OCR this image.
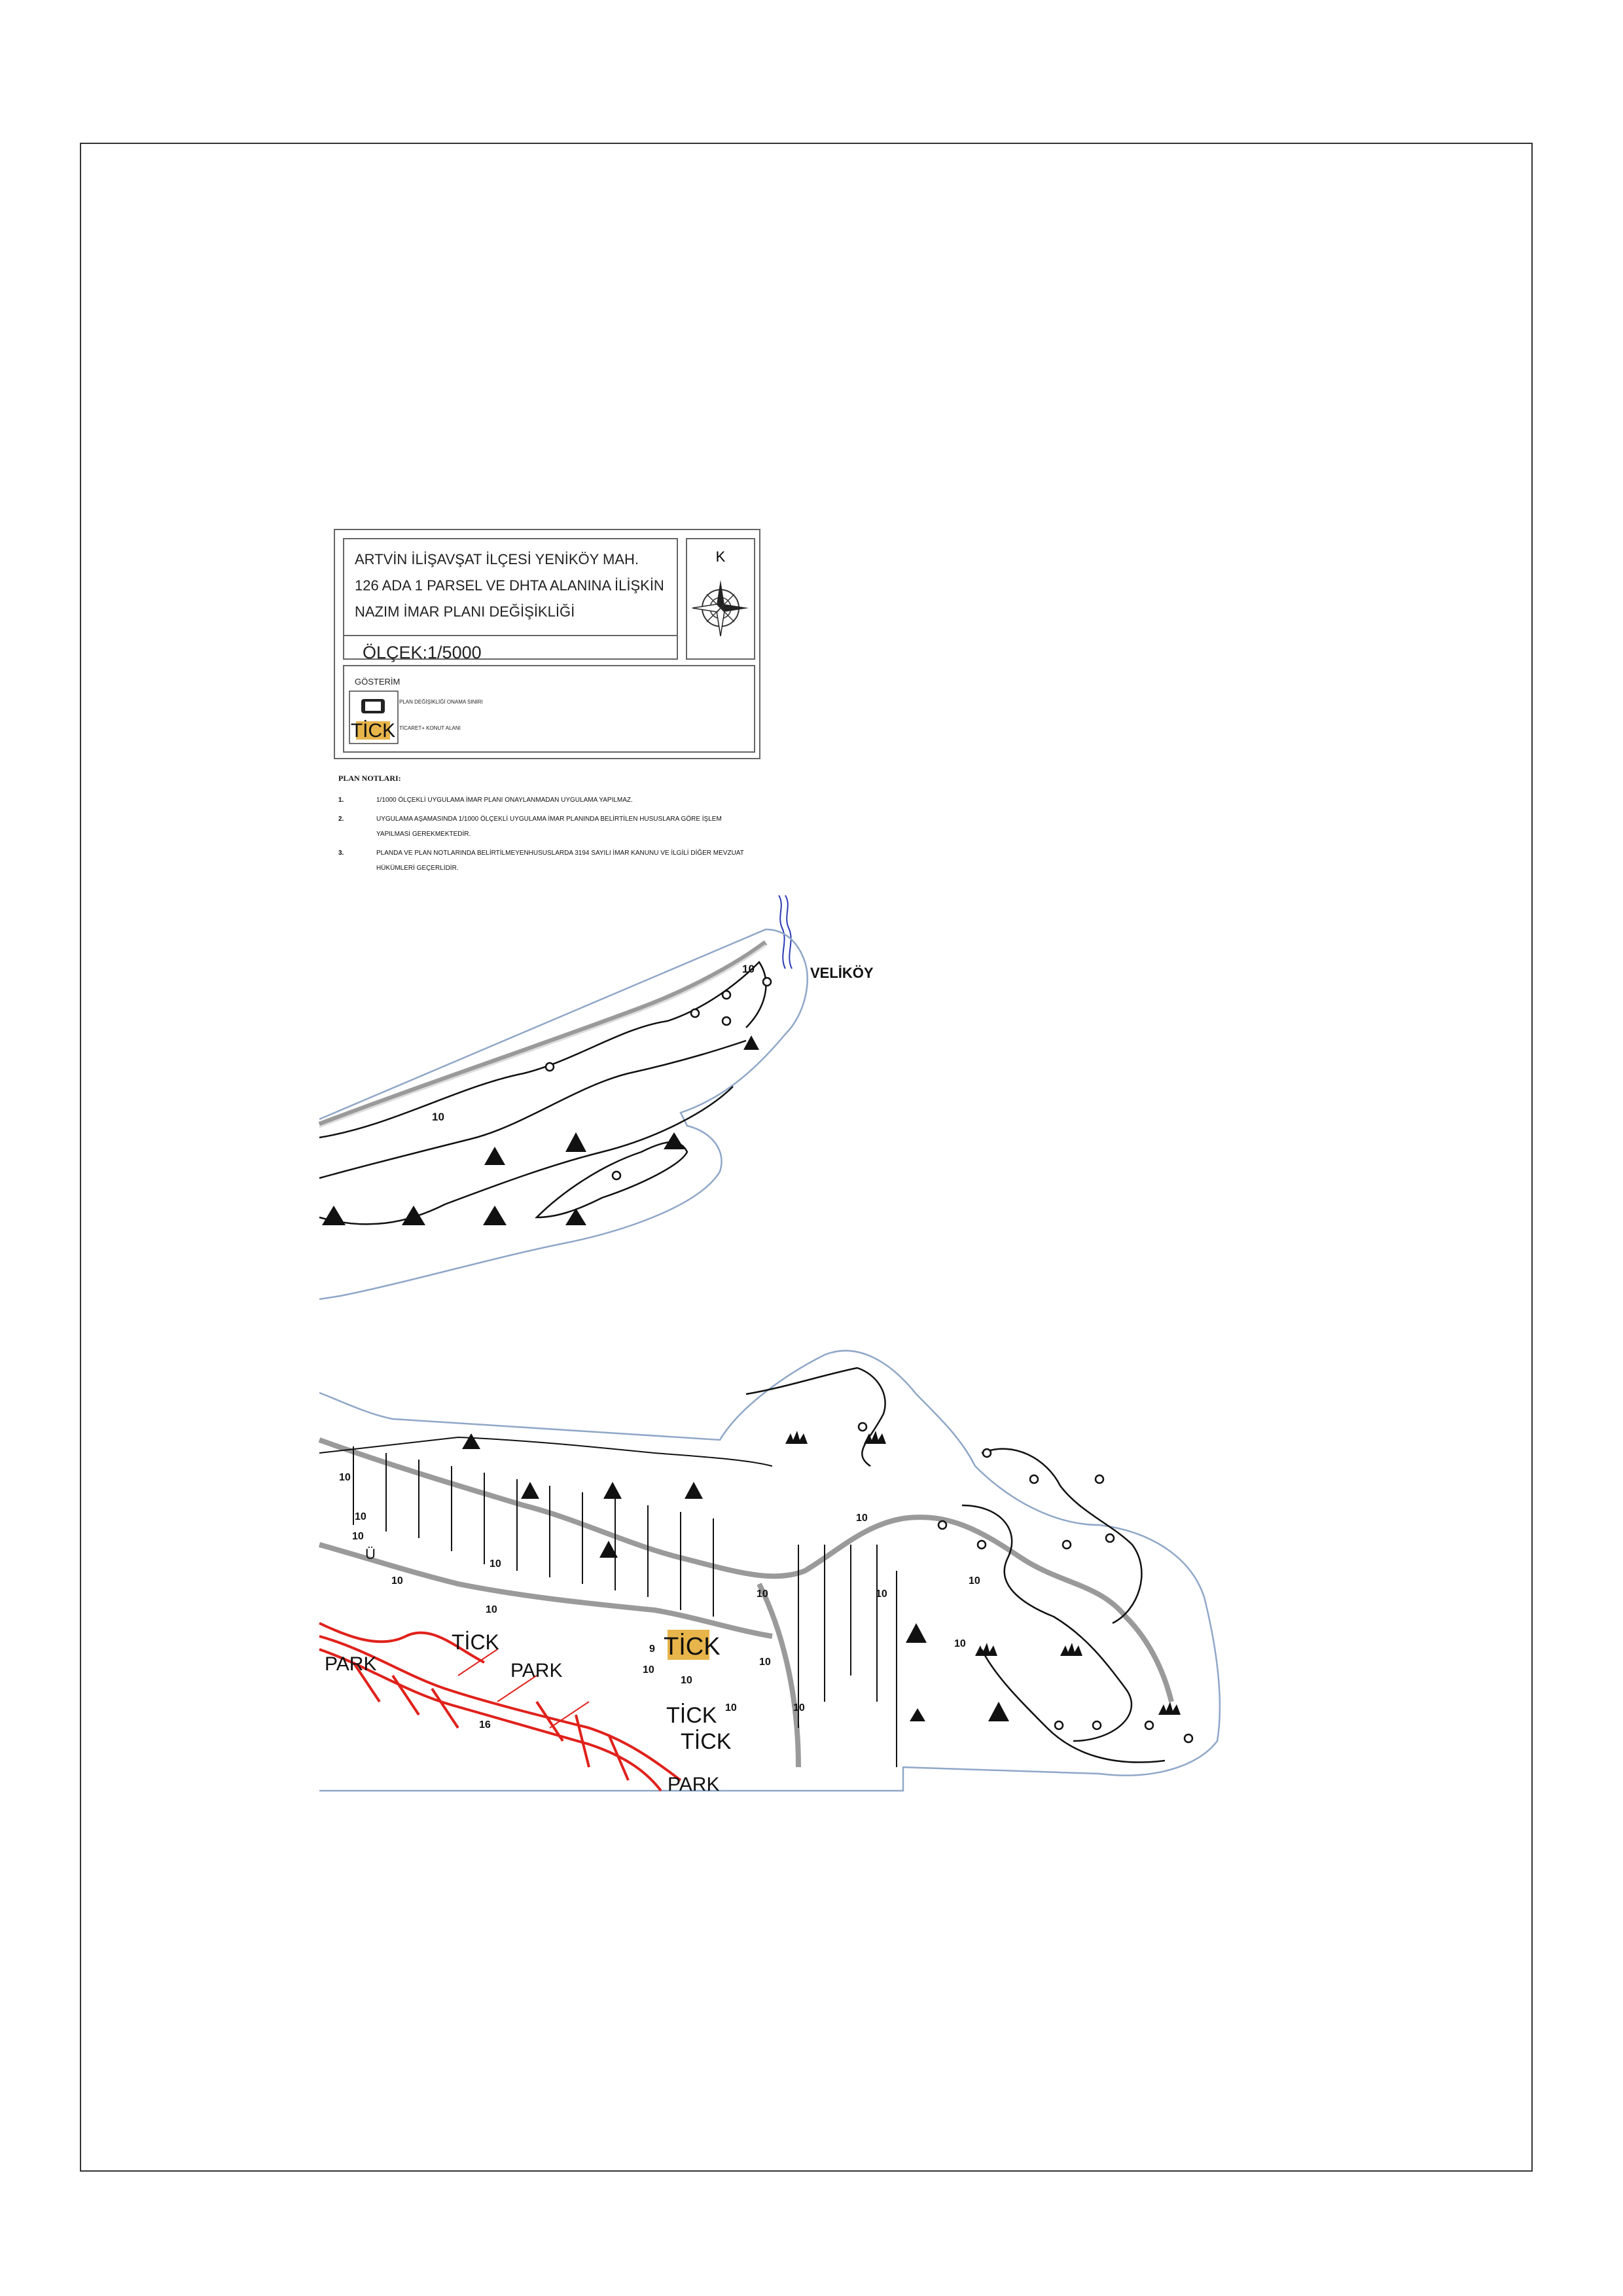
ARTVİN İLİŞAVŞAT İLÇESİ YENİKÖY MAH.
126 ADA 1 PARSEL VE DHTA ALANINA İLİŞKİN
NAZIM İMAR PLANI DEĞİŞİKLİĞİ
ÖLÇEK:1/5000
K
GÖSTERİM
TİCK
PLAN DEĞİŞİKLİĞİ ONAMA SINIRI
TİCARET+ KONUT ALANI
PLAN NOTLARI:
1.	1/1000 ÖLÇEKLİ UYGULAMA İMAR PLANI ONAYLANMADAN UYGULAMA YAPILMAZ.
2.	UYGULAMA AŞAMASINDA 1/1000 ÖLÇEKLİ UYGULAMA İMAR PLANINDA BELİRTİLEN HUSUSLARA GÖRE İŞLEM YAPILMASI GEREKMEKTEDİR.
3.	PLANDA VE PLAN NOTLARINDA BELİRTİLMEYENHUSUSLARDA 3194 SAYILI İMAR KANUNU VE İLGİLİ DİĞER MEVZUAT HÜKÜMLERİ GEÇERLİDİR.
10
10
TİCK
TİCK
TİCK
TİCK
PARK
PARK
PARK
Ü
10
10
10
10
10
10
9
10
10
10
10
10
10
10
10
10
10
16
VELİKÖY
